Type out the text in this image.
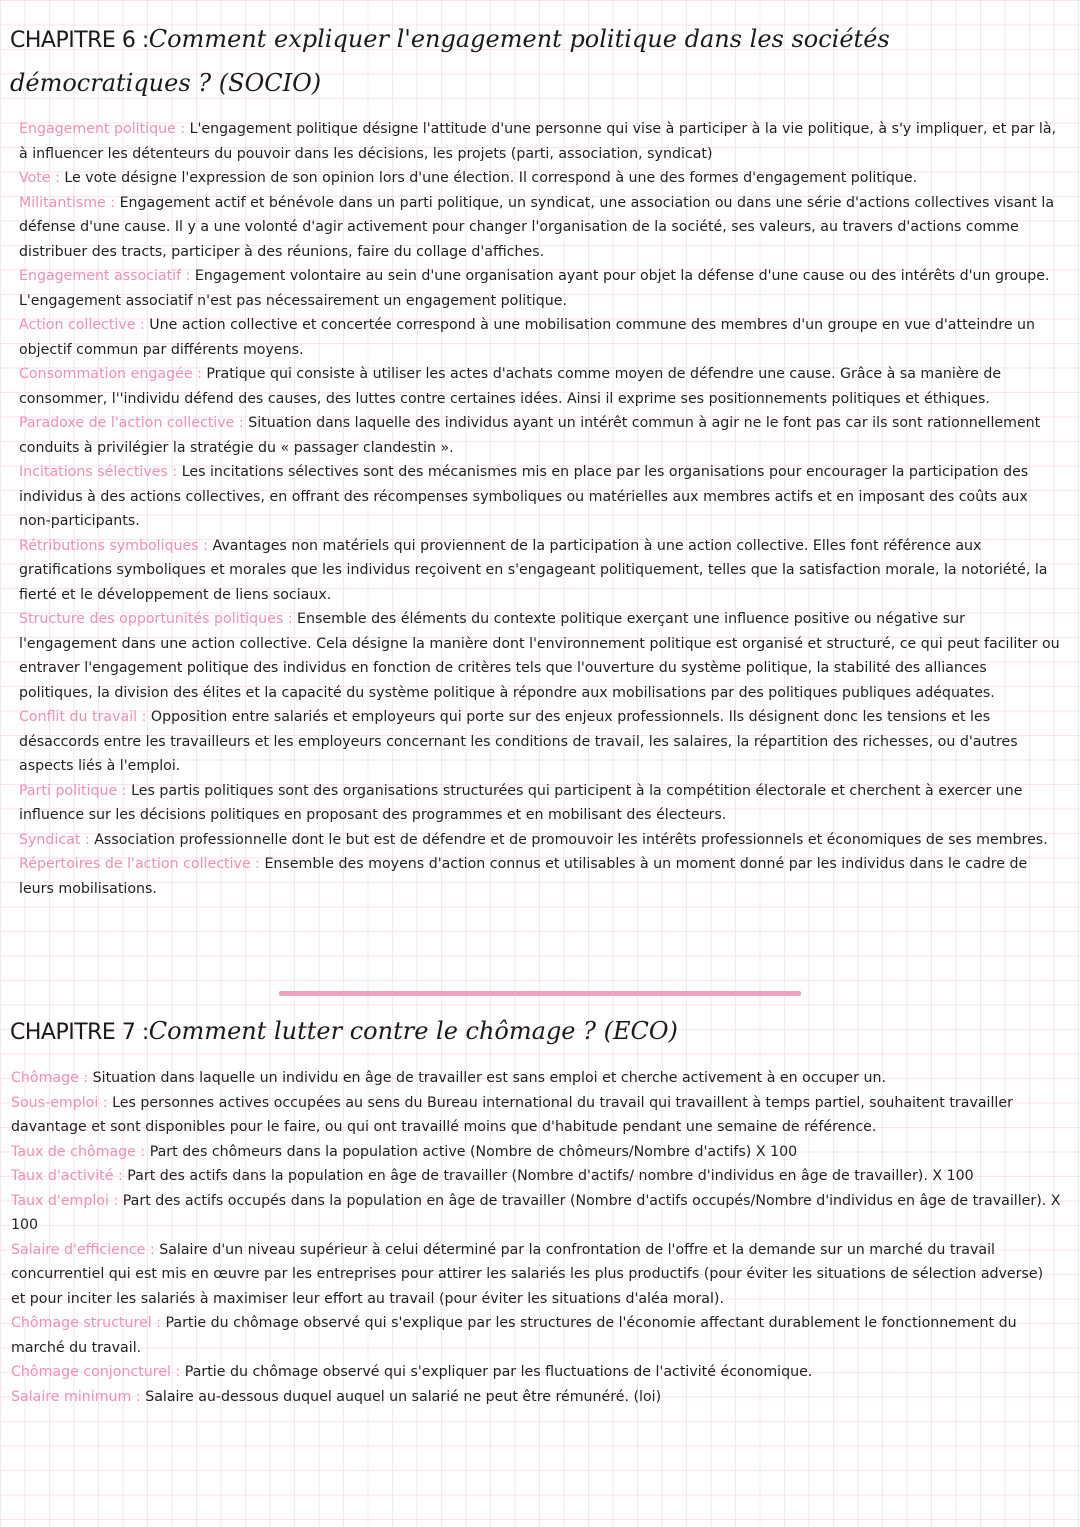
CHAPITRE 6 :Comment expliquer l'engagement politique dans les sociétés démocratiques ? (SOCIO)
Engagement politique : L'engagement politique désigne l'attitude d'une personne qui vise à participer à la vie politique, à s'y impliquer, et par là, à influencer les détenteurs du pouvoir dans les décisions, les projets (parti, association, syndicat)
Vote : Le vote désigne l'expression de son opinion lors d'une élection. Il correspond à une des formes d'engagement politique.
Militantisme : Engagement actif et bénévole dans un parti politique, un syndicat, une association ou dans une série d'actions collectives visant la défense d'une cause. Il y a une volonté d'agir activement pour changer l'organisation de la société, ses valeurs, au travers d'actions comme distribuer des tracts, participer à des réunions, faire du collage d'affiches.
Engagement associatif : Engagement volontaire au sein d'une organisation ayant pour objet la défense d'une cause ou des intérêts d'un groupe. L'engagement associatif n'est pas nécessairement un engagement politique.
Action collective : Une action collective et concertée correspond à une mobilisation commune des membres d'un groupe en vue d'atteindre un objectif commun par différents moyens.
Consommation engagée : Pratique qui consiste à utiliser les actes d'achats comme moyen de défendre une cause. Grâce à sa manière de consommer, l''individu défend des causes, des luttes contre certaines idées. Ainsi il exprime ses positionnements politiques et éthiques.
Paradoxe de l'action collective : Situation dans laquelle des individus ayant un intérêt commun à agir ne le font pas car ils sont rationnellement conduits à privilégier la stratégie du « passager clandestin ».
Incitations sélectives : Les incitations sélectives sont des mécanismes mis en place par les organisations pour encourager la participation des individus à des actions collectives, en offrant des récompenses symboliques ou matérielles aux membres actifs et en imposant des coûts aux non-participants.
Rétributions symboliques : Avantages non matériels qui proviennent de la participation à une action collective. Elles font référence aux gratifications symboliques et morales que les individus reçoivent en s'engageant politiquement, telles que la satisfaction morale, la notoriété, la fierté et le développement de liens sociaux.
Structure des opportunités politiques : Ensemble des éléments du contexte politique exerçant une influence positive ou négative sur l'engagement dans une action collective. Cela désigne la manière dont l'environnement politique est organisé et structuré, ce qui peut faciliter ou entraver l'engagement politique des individus en fonction de critères tels que l'ouverture du système politique, la stabilité des alliances politiques, la division des élites et la capacité du système politique à répondre aux mobilisations par des politiques publiques adéquates.
Conflit du travail : Opposition entre salariés et employeurs qui porte sur des enjeux professionnels. Ils désignent donc les tensions et les désaccords entre les travailleurs et les employeurs concernant les conditions de travail, les salaires, la répartition des richesses, ou d'autres aspects liés à l'emploi.
Parti politique : Les partis politiques sont des organisations structurées qui participent à la compétition électorale et cherchent à exercer une influence sur les décisions politiques en proposant des programmes et en mobilisant des électeurs.
Syndicat : Association professionnelle dont le but est de défendre et de promouvoir les intérêts professionnels et économiques de ses membres.
Répertoires de l'action collective : Ensemble des moyens d'action connus et utilisables à un moment donné par les individus dans le cadre de leurs mobilisations.
CHAPITRE 7 :Comment lutter contre le chômage ? (ECO)
Chômage : Situation dans laquelle un individu en âge de travailler est sans emploi et cherche activement à en occuper un.
Sous-emploi : Les personnes actives occupées au sens du Bureau international du travail qui travaillent à temps partiel, souhaitent travailler davantage et sont disponibles pour le faire, ou qui ont travaillé moins que d'habitude pendant une semaine de référence.
Taux de chômage : Part des chômeurs dans la population active (Nombre de chômeurs/Nombre d'actifs) X 100
Taux d'activité : Part des actifs dans la population en âge de travailler (Nombre d'actifs/ nombre d'individus en âge de travailler). X 100
Taux d'emploi : Part des actifs occupés dans la population en âge de travailler (Nombre d'actifs occupés/Nombre d'individus en âge de travailler). X 100
Salaire d'efficience : Salaire d'un niveau supérieur à celui déterminé par la confrontation de l'offre et la demande sur un marché du travail concurrentiel qui est mis en œuvre par les entreprises pour attirer les salariés les plus productifs (pour éviter les situations de sélection adverse) et pour inciter les salariés à maximiser leur effort au travail (pour éviter les situations d'aléa moral).
Chômage structurel : Partie du chômage observé qui s'explique par les structures de l'économie affectant durablement le fonctionnement du marché du travail.
Chômage conjoncturel : Partie du chômage observé qui s'expliquer par les fluctuations de l'activité économique.
Salaire minimum : Salaire au-dessous duquel auquel un salarié ne peut être rémunéré. (loi)
